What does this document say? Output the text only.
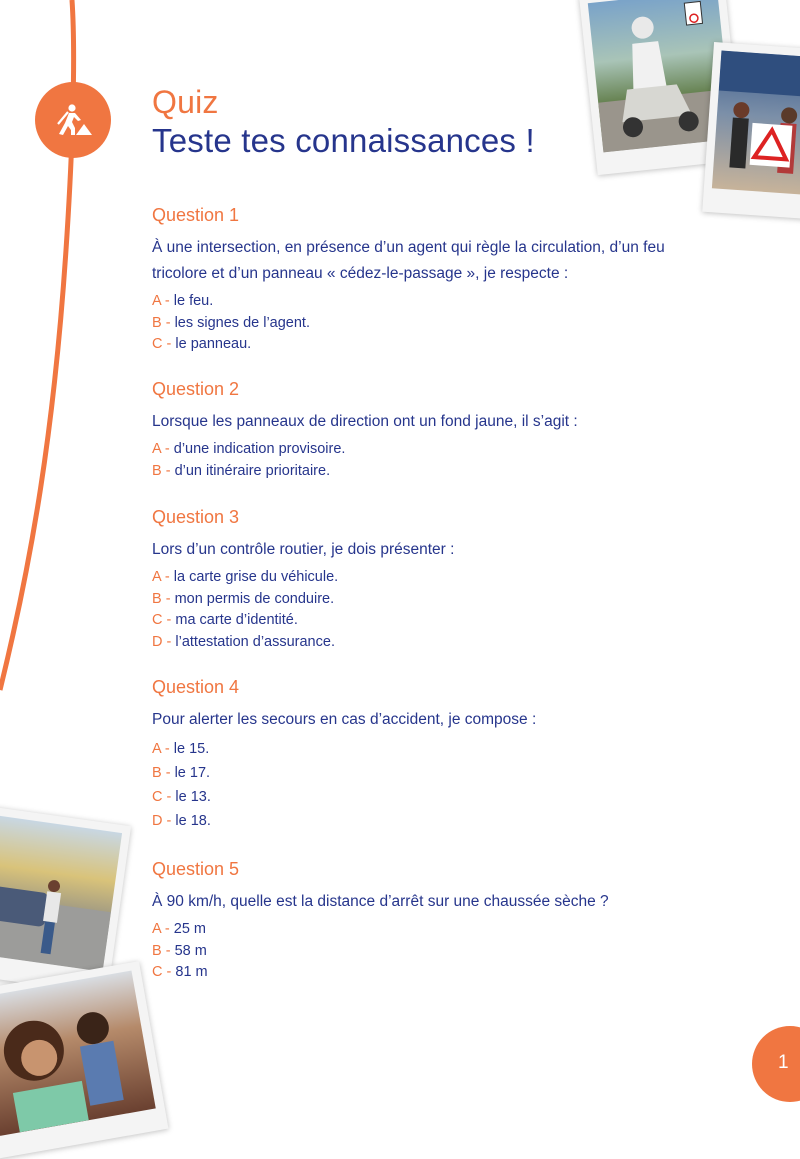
Quiz
Teste tes connaissances !
Question 1
À une intersection, en présence d’un agent qui règle la circulation, d’un feu tricolore et d’un panneau « cédez-le-passage », je respecte :
A - le feu.
B - les signes de l’agent.
C - le panneau.
Question 2
Lorsque les panneaux de direction ont un fond jaune, il s’agit :
A - d’une indication provisoire.
B - d’un itinéraire prioritaire.
Question 3
Lors d’un contrôle routier, je dois présenter :
A - la carte grise du véhicule.
B - mon permis de conduire.
C - ma carte d’identité.
D - l’attestation d’assurance.
Question 4
Pour alerter les secours en cas d’accident, je compose :
A - le 15.
B - le 17.
C - le 13.
D - le 18.
Question 5
À 90 km/h, quelle est la distance d’arrêt sur une chaussée sèche ?
A - 25 m
B - 58 m
C - 81 m
1
